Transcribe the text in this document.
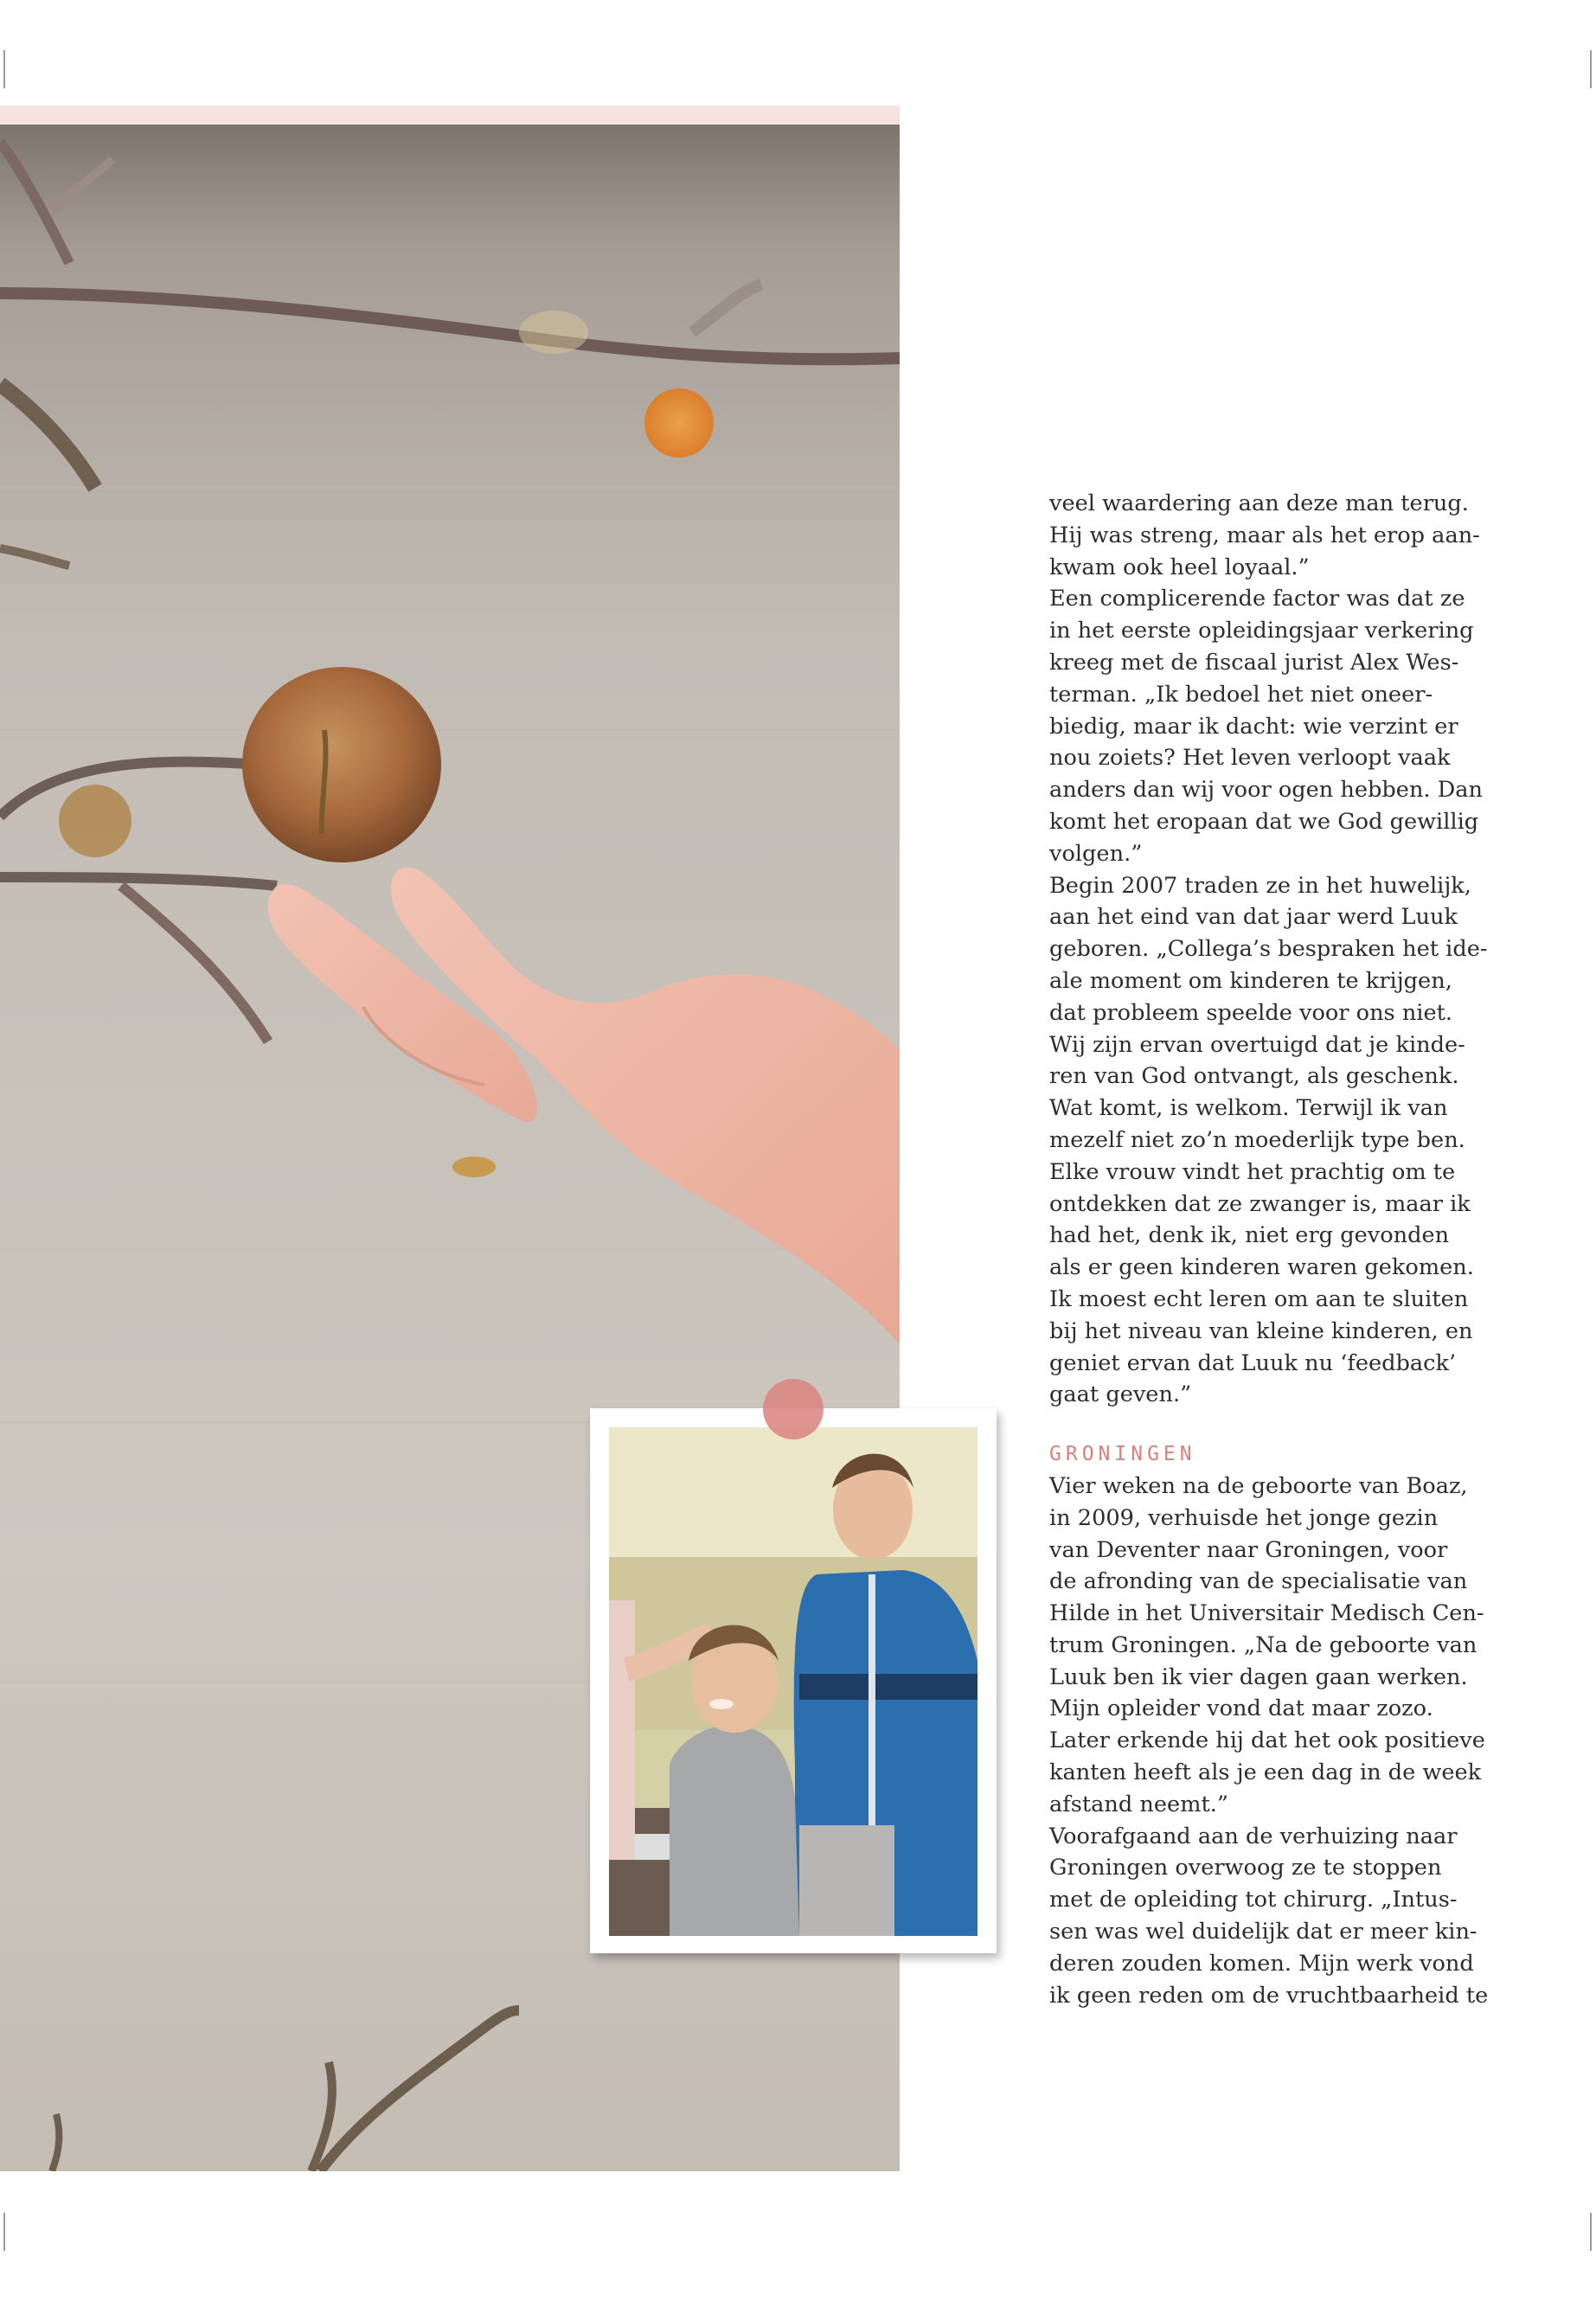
veel waardering aan deze man terug.
Hij was streng, maar als het erop aan-
kwam ook heel loyaal.”

Een complicerende factor was dat ze
in het eerste opleidingsjaar verkering
kreeg met de fiscaal jurist Alex Wes-
terman. „Ik bedoel het niet oneer-
biedig, maar ik dacht: wie verzint er
nou zoiets? Het leven verloopt vaak
anders dan wij voor ogen hebben. Dan
komt het eropaan dat we God gewillig
volgen.”

Begin 2007 traden ze in het huwelijk,
aan het eind van dat jaar werd Luuk
geboren. „Collega’s bespraken het ide-
ale moment om kinderen te krijgen,
dat probleem speelde voor ons niet.
Wij zijn ervan overtuigd dat je kinde-
ren van God ontvangt, als geschenk.
Wat komt, is welkom. Terwijl ik van
mezelf niet zo’n moederlijk type ben.
Elke vrouw vindt het prachtig om te
ontdekken dat ze zwanger is, maar ik
had het, denk ik, niet erg gevonden
als er geen kinderen waren gekomen.
Ik moest echt leren om aan te sluiten
bij het niveau van kleine kinderen, en
geniet ervan dat Luuk nu ‘feedback’
gaat geven.”

GRONINGEN

Vier weken na de geboorte van Boaz,
in 2009, verhuisde het jonge gezin
van Deventer naar Groningen, voor
de afronding van de specialisatie van
Hilde in het Universitair Medisch Cen-
trum Groningen. „Na de geboorte van
Luuk ben ik vier dagen gaan werken.
Mijn opleider vond dat maar zozo.
Later erkende hij dat het ook positieve
kanten heeft als je een dag in de week
afstand neemt.”

Voorafgaand aan de verhuizing naar
Groningen overwoog ze te stoppen
met de opleiding tot chirurg. „Intus-
sen was wel duidelijk dat er meer kin-
deren zouden komen. Mijn werk vond
ik geen reden om de vruchtbaarheid te
